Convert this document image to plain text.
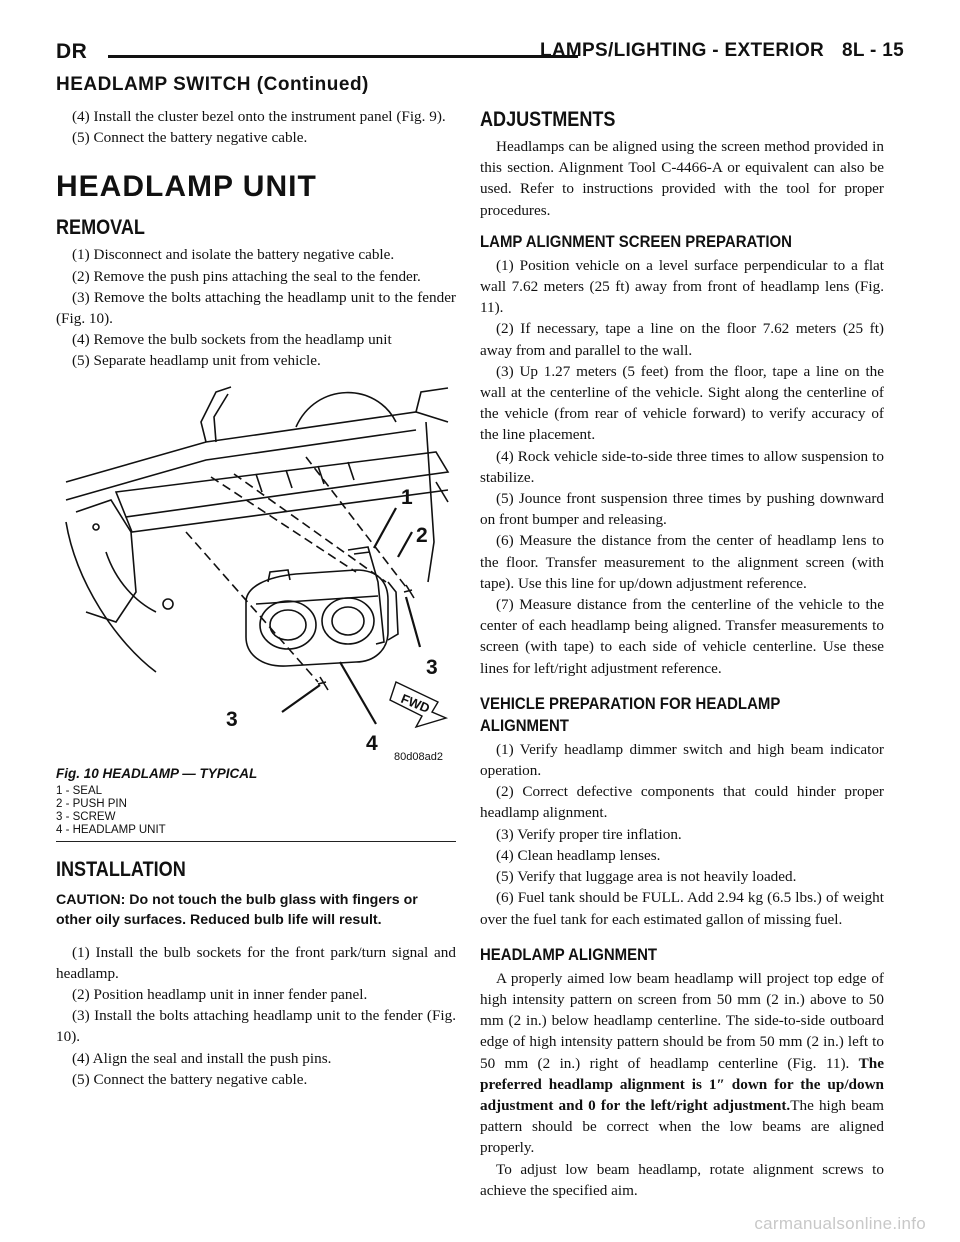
DR	LAMPS/LIGHTING - EXTERIOR 8L - 15
HEADLAMP SWITCH (Continued)

(4) Install the cluster bezel onto the instrument panel (Fig. 9).

(5) Connect the battery negative cable.

HEADLAMP UNIT
REMOVAL

(1) Disconnect and isolate the battery negative cable.

(2) Remove the push pins attaching the seal to the fender.

(3) Remove the bolts attaching the headlamp unit to the fender (Fig. 10).

(4) Remove the bulb sockets from the headlamp unit

(5) Separate headlamp unit from vehicle.

1
2
3
3
4
FWD
80d08ad2
Fig. 10 HEADLAMP — TYPICAL
1 - SEAL
2 - PUSH PIN
3 - SCREW
4 - HEADLAMP UNIT
INSTALLATION
CAUTION: Do not touch the bulb glass with fingers or other oily surfaces. Reduced bulb life will result.

(1) Install the bulb sockets for the front park/turn signal and headlamp.

(2) Position headlamp unit in inner fender panel.

(3) Install the bolts attaching headlamp unit to the fender (Fig. 10).

(4) Align the seal and install the push pins.

(5) Connect the battery negative cable.

ADJUSTMENTS

Headlamps can be aligned using the screen method provided in this section. Alignment Tool C-4466-A or equivalent can also be used. Refer to instructions provided with the tool for proper procedures.

LAMP ALIGNMENT SCREEN PREPARATION

(1) Position vehicle on a level surface perpendicular to a flat wall 7.62 meters (25 ft) away from front of headlamp lens (Fig. 11).

(2) If necessary, tape a line on the floor 7.62 meters (25 ft) away from and parallel to the wall.

(3) Up 1.27 meters (5 feet) from the floor, tape a line on the wall at the centerline of the vehicle. Sight along the centerline of the vehicle (from rear of vehicle forward) to verify accuracy of the line placement.

(4) Rock vehicle side-to-side three times to allow suspension to stabilize.

(5) Jounce front suspension three times by pushing downward on front bumper and releasing.

(6) Measure the distance from the center of headlamp lens to the floor. Transfer measurement to the alignment screen (with tape). Use this line for up/down adjustment reference.

(7) Measure distance from the centerline of the vehicle to the center of each headlamp being aligned. Transfer measurements to screen (with tape) to each side of vehicle centerline. Use these lines for left/right adjustment reference.

VEHICLE PREPARATION FOR HEADLAMP
ALIGNMENT

(1) Verify headlamp dimmer switch and high beam indicator operation.

(2) Correct defective components that could hinder proper headlamp alignment.

(3) Verify proper tire inflation.

(4) Clean headlamp lenses.

(5) Verify that luggage area is not heavily loaded.

(6) Fuel tank should be FULL. Add 2.94 kg (6.5 lbs.) of weight over the fuel tank for each estimated gallon of missing fuel.

HEADLAMP ALIGNMENT

A properly aimed low beam headlamp will project top edge of high intensity pattern on screen from 50 mm (2 in.) above to 50 mm (2 in.) below headlamp centerline. The side-to-side outboard edge of high intensity pattern should be from 50 mm (2 in.) left to 50 mm (2 in.) right of headlamp centerline (Fig. 11). The preferred headlamp alignment is 1″ down for the up/down adjustment and 0 for the left/right adjustment.The high beam pattern should be correct when the low beams are aligned properly.

To adjust low beam headlamp, rotate alignment screws to achieve the specified aim.

carmanualsonline.info
